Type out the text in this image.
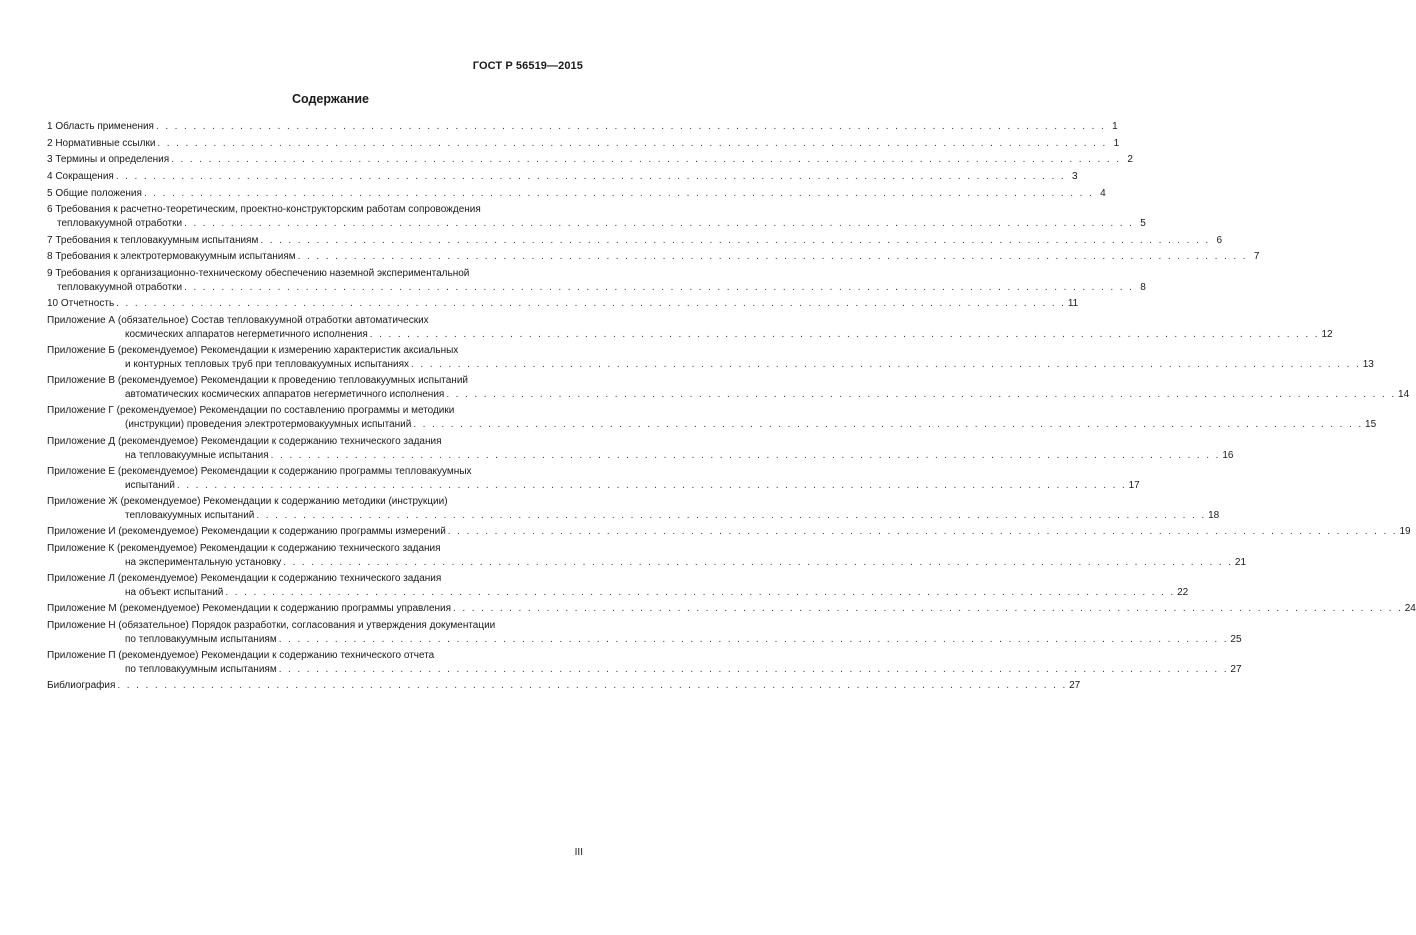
ГОСТ Р 56519—2015
Содержание
1 Область применения . . . . . . . . . . . . . . . . . . . . . . . . . . . . . . . . . . . . . . . . . . . . . . . . . . . . . . . . . . . . . . . . . . . . . . . . . . . . . . . . . . . . . . . . . . . . . . . . . . . . . . 1
2 Нормативные ссылки . . . . . . . . . . . . . . . . . . . . . . . . . . . . . . . . . . . . . . . . . . . . . . . . . . . . . . . . . . . . . . . . . . . . . . . . . . . . . . . . . . . . . . . . . . . . . . . . . . . . . . 1
3 Термины и определения . . . . . . . . . . . . . . . . . . . . . . . . . . . . . . . . . . . . . . . . . . . . . . . . . . . . . . . . . . . . . . . . . . . . . . . . . . . . . . . . . . . . . . . . . . . . . . . . . . . . . . 2
4 Сокращения . . . . . . . . . . . . . . . . . . . . . . . . . . . . . . . . . . . . . . . . . . . . . . . . . . . . . . . . . . . . . . . . . . . . . . . . . . . . . . . . . . . . . . . . . . . . . . . . . . . . . . 3
5 Общие положения . . . . . . . . . . . . . . . . . . . . . . . . . . . . . . . . . . . . . . . . . . . . . . . . . . . . . . . . . . . . . . . . . . . . . . . . . . . . . . . . . . . . . . . . . . . . . . . . . . . . . . 4
6 Требования к расчетно-теоретическим, проектно-конструкторским работам сопровождения
тепловакуумной отработки . . . . . . . . . . . . . . . . . . . . . . . . . . . . . . . . . . . . . . . . . . . . . . . . . . . . . . . . . . . . . . . . . . . . . . . . . . . . . . . . . . . . . . . . . . . . . . . . . . . . . . 5
7 Требования к тепловакуумным испытаниям . . . . . . . . . . . . . . . . . . . . . . . . . . . . . . . . . . . . . . . . . . . . . . . . . . . . . . . . . . . . . . . . . . . . . . . . . . . . . . . . . . . . . . . . . . . . . . . . . . . . . . 6
8 Требования к электротермовакуумным испытаниям . . . . . . . . . . . . . . . . . . . . . . . . . . . . . . . . . . . . . . . . . . . . . . . . . . . . . . . . . . . . . . . . . . . . . . . . . . . . . . . . . . . . . . . . . . . . . . . . . . . . . . 7
9 Требования к организационно-техническому обеспечению наземной экспериментальной
тепловакуумной отработки . . . . . . . . . . . . . . . . . . . . . . . . . . . . . . . . . . . . . . . . . . . . . . . . . . . . . . . . . . . . . . . . . . . . . . . . . . . . . . . . . . . . . . . . . . . . . . . . . . . . . . 8
10 Отчетность . . . . . . . . . . . . . . . . . . . . . . . . . . . . . . . . . . . . . . . . . . . . . . . . . . . . . . . . . . . . . . . . . . . . . . . . . . . . . . . . . . . . . . . . . . . . . . . . . . . . . . 11
Приложение А (обязательное) Состав тепловакуумной отработки автоматических
космических аппаратов негерметичного исполнения . . . . . . . . . . . . . . . . . . . . . . . . . . . . . . . . . . . . . . . . . . . . . . . . . . . . . . . . . . . . . . . . . . . . . . . . . . . . . . . . . . . . . . . . . . . . . . . . . . . . . . 12
Приложение Б (рекомендуемое) Рекомендации к измерению характеристик аксиальных
и контурных тепловых труб при тепловакуумных испытаниях . . . . . . . . . . . . . . . . . . . . . . . . . . . . . . . . . . . . . . . . . . . . . . . . . . . . . . . . . . . . . . . . . . . . . . . . . . . . . . . . . . . . . . . . . . . . . . . . . . . . . . 13
Приложение В (рекомендуемое) Рекомендации к проведению тепловакуумных испытаний
автоматических космических аппаратов негерметичного исполнения . . . . . . . . . . . . . . . . . . . . . . . . . . . . . . . . . . . . . . . . . . . . . . . . . . . . . . . . . . . . . . . . . . . . . . . . . . . . . . . . . . . . . . . . . . . . . . . . . . . . . . 14
Приложение Г (рекомендуемое) Рекомендации по составлению программы и методики
(инструкции) проведения электротермовакуумных испытаний . . . . . . . . . . . . . . . . . . . . . . . . . . . . . . . . . . . . . . . . . . . . . . . . . . . . . . . . . . . . . . . . . . . . . . . . . . . . . . . . . . . . . . . . . . . . . . . . . . . . . . 15
Приложение Д (рекомендуемое) Рекомендации к содержанию технического задания
на тепловакуумные испытания . . . . . . . . . . . . . . . . . . . . . . . . . . . . . . . . . . . . . . . . . . . . . . . . . . . . . . . . . . . . . . . . . . . . . . . . . . . . . . . . . . . . . . . . . . . . . . . . . . . . . . 16
Приложение Е (рекомендуемое) Рекомендации к содержанию программы тепловакуумных
испытаний . . . . . . . . . . . . . . . . . . . . . . . . . . . . . . . . . . . . . . . . . . . . . . . . . . . . . . . . . . . . . . . . . . . . . . . . . . . . . . . . . . . . . . . . . . . . . . . . . . . . . . 17
Приложение Ж (рекомендуемое) Рекомендации к содержанию методики (инструкции)
тепловакуумных испытаний . . . . . . . . . . . . . . . . . . . . . . . . . . . . . . . . . . . . . . . . . . . . . . . . . . . . . . . . . . . . . . . . . . . . . . . . . . . . . . . . . . . . . . . . . . . . . . . . . . . . . . 18
Приложение И (рекомендуемое) Рекомендации к содержанию программы измерений . . . . . . . . . . . . . . . . . . . . . . . . . . . . . . . . . . . . . . . . . . . . . . . . . . . . . . . . . . . . . . . . . . . . . . . . . . . . . . . . . . . . . . . . . . . . . . . . . . . . . . 19
Приложение К (рекомендуемое) Рекомендации к содержанию технического задания
на экспериментальную установку . . . . . . . . . . . . . . . . . . . . . . . . . . . . . . . . . . . . . . . . . . . . . . . . . . . . . . . . . . . . . . . . . . . . . . . . . . . . . . . . . . . . . . . . . . . . . . . . . . . . . . 21
Приложение Л (рекомендуемое) Рекомендации к содержанию технического задания
на объект испытаний . . . . . . . . . . . . . . . . . . . . . . . . . . . . . . . . . . . . . . . . . . . . . . . . . . . . . . . . . . . . . . . . . . . . . . . . . . . . . . . . . . . . . . . . . . . . . . . . . . . . . . 22
Приложение М (рекомендуемое) Рекомендации к содержанию программы управления . . . . . . . . . . . . . . . . . . . . . . . . . . . . . . . . . . . . . . . . . . . . . . . . . . . . . . . . . . . . . . . . . . . . . . . . . . . . . . . . . . . . . . . . . . . . . . . . . . . . . . 24
Приложение Н (обязательное) Порядок разработки, согласования и утверждения документации
по тепловакуумным испытаниям . . . . . . . . . . . . . . . . . . . . . . . . . . . . . . . . . . . . . . . . . . . . . . . . . . . . . . . . . . . . . . . . . . . . . . . . . . . . . . . . . . . . . . . . . . . . . . . . . . . . . . 25
Приложение П (рекомендуемое) Рекомендации к содержанию технического отчета
по тепловакуумным испытаниям . . . . . . . . . . . . . . . . . . . . . . . . . . . . . . . . . . . . . . . . . . . . . . . . . . . . . . . . . . . . . . . . . . . . . . . . . . . . . . . . . . . . . . . . . . . . . . . . . . . . . . 27
Библиография . . . . . . . . . . . . . . . . . . . . . . . . . . . . . . . . . . . . . . . . . . . . . . . . . . . . . . . . . . . . . . . . . . . . . . . . . . . . . . . . . . . . . . . . . . . . . . . . . . . . . . 27
III
